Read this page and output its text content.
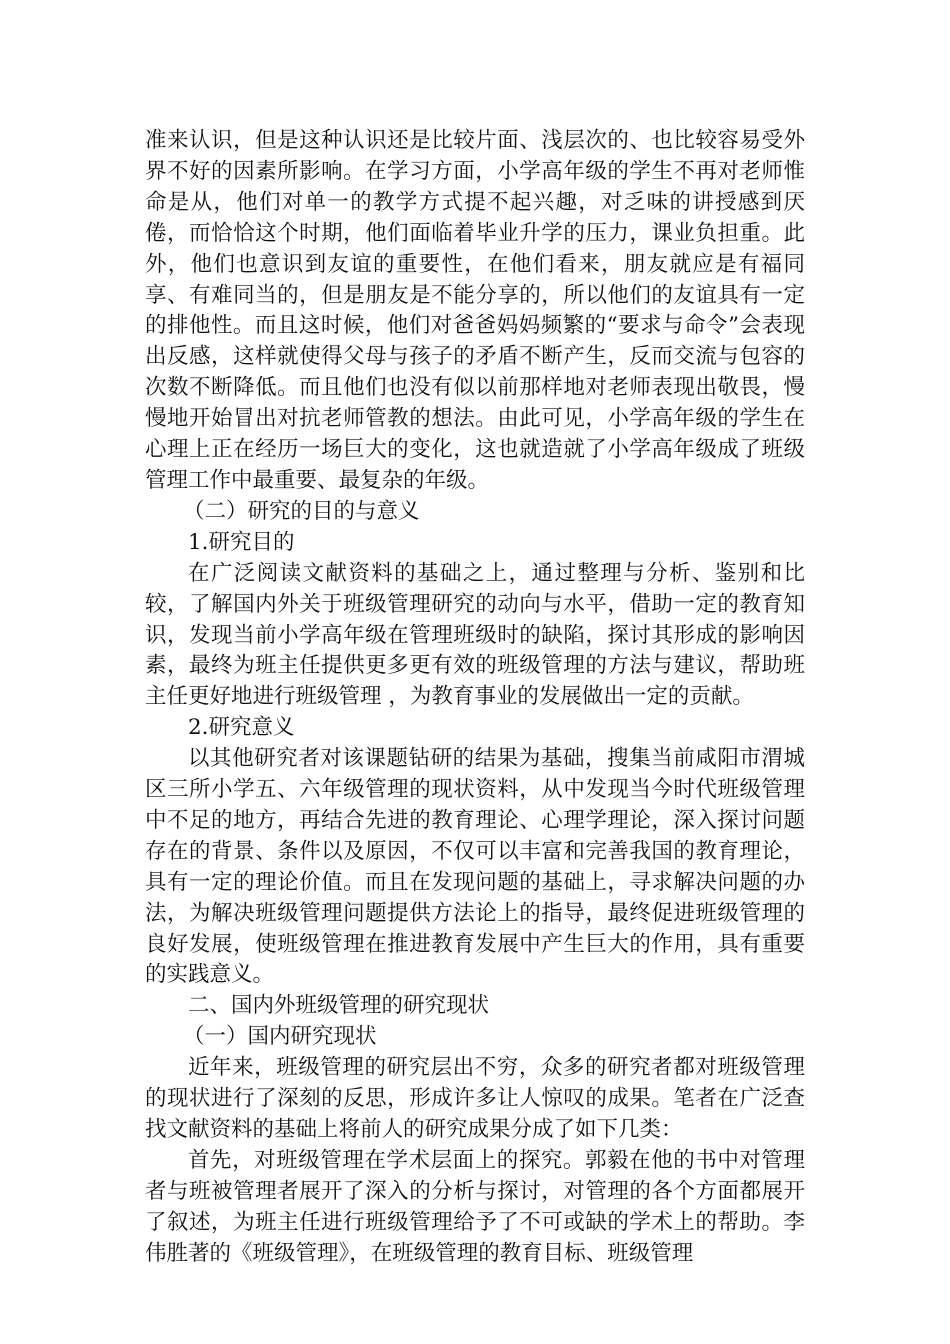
准来认识，但是这种认识还是比较片面、浅层次的、也比较容易受外界不好的因素所影响。在学习方面，小学高年级的学生不再对老师惟命是从，他们对单一的教学方式提不起兴趣，对乏味的讲授感到厌倦，而恰恰这个时期，他们面临着毕业升学的压力，课业负担重。此外，他们也意识到友谊的重要性，在他们看来，朋友就应是有福同享、有难同当的，但是朋友是不能分享的，所以他们的友谊具有一定的排他性。而且这时候，他们对爸爸妈妈频繁的“要求与命令”会表现出反感，这样就使得父母与孩子的矛盾不断产生，反而交流与包容的次数不断降低。而且他们也没有似以前那样地对老师表现出敬畏，慢慢地开始冒出对抗老师管教的想法。由此可见，小学高年级的学生在心理上正在经历一场巨大的变化，这也就造就了小学高年级成了班级管理工作中最重要、最复杂的年级。

（二）研究的目的与意义

1.研究目的

在广泛阅读文献资料的基础之上，通过整理与分析、鉴别和比较，了解国内外关于班级管理研究的动向与水平，借助一定的教育知识，发现当前小学高年级在管理班级时的缺陷，探讨其形成的影响因素，最终为班主任提供更多更有效的班级管理的方法与建议，帮助班主任更好地进行班级管理 ，为教育事业的发展做出一定的贡献。

2.研究意义

以其他研究者对该课题钻研的结果为基础，搜集当前咸阳市渭城区三所小学五、六年级管理的现状资料，从中发现当今时代班级管理中不足的地方，再结合先进的教育理论、心理学理论，深入探讨问题存在的背景、条件以及原因，不仅可以丰富和完善我国的教育理论，具有一定的理论价值。而且在发现问题的基础上，寻求解决问题的办法，为解决班级管理问题提供方法论上的指导，最终促进班级管理的良好发展，使班级管理在推进教育发展中产生巨大的作用，具有重要的实践意义。

二、国内外班级管理的研究现状

（一）国内研究现状

近年来，班级管理的研究层出不穷，众多的研究者都对班级管理的现状进行了深刻的反思，形成许多让人惊叹的成果。笔者在广泛查找文献资料的基础上将前人的研究成果分成了如下几类：

首先，对班级管理在学术层面上的探究。郭毅在他的书中对管理者与班被管理者展开了深入的分析与探讨，对管理的各个方面都展开了叙述，为班主任进行班级管理给予了不可或缺的学术上的帮助。李伟胜著的《班级管理》，在班级管理的教育目标、班级管理
